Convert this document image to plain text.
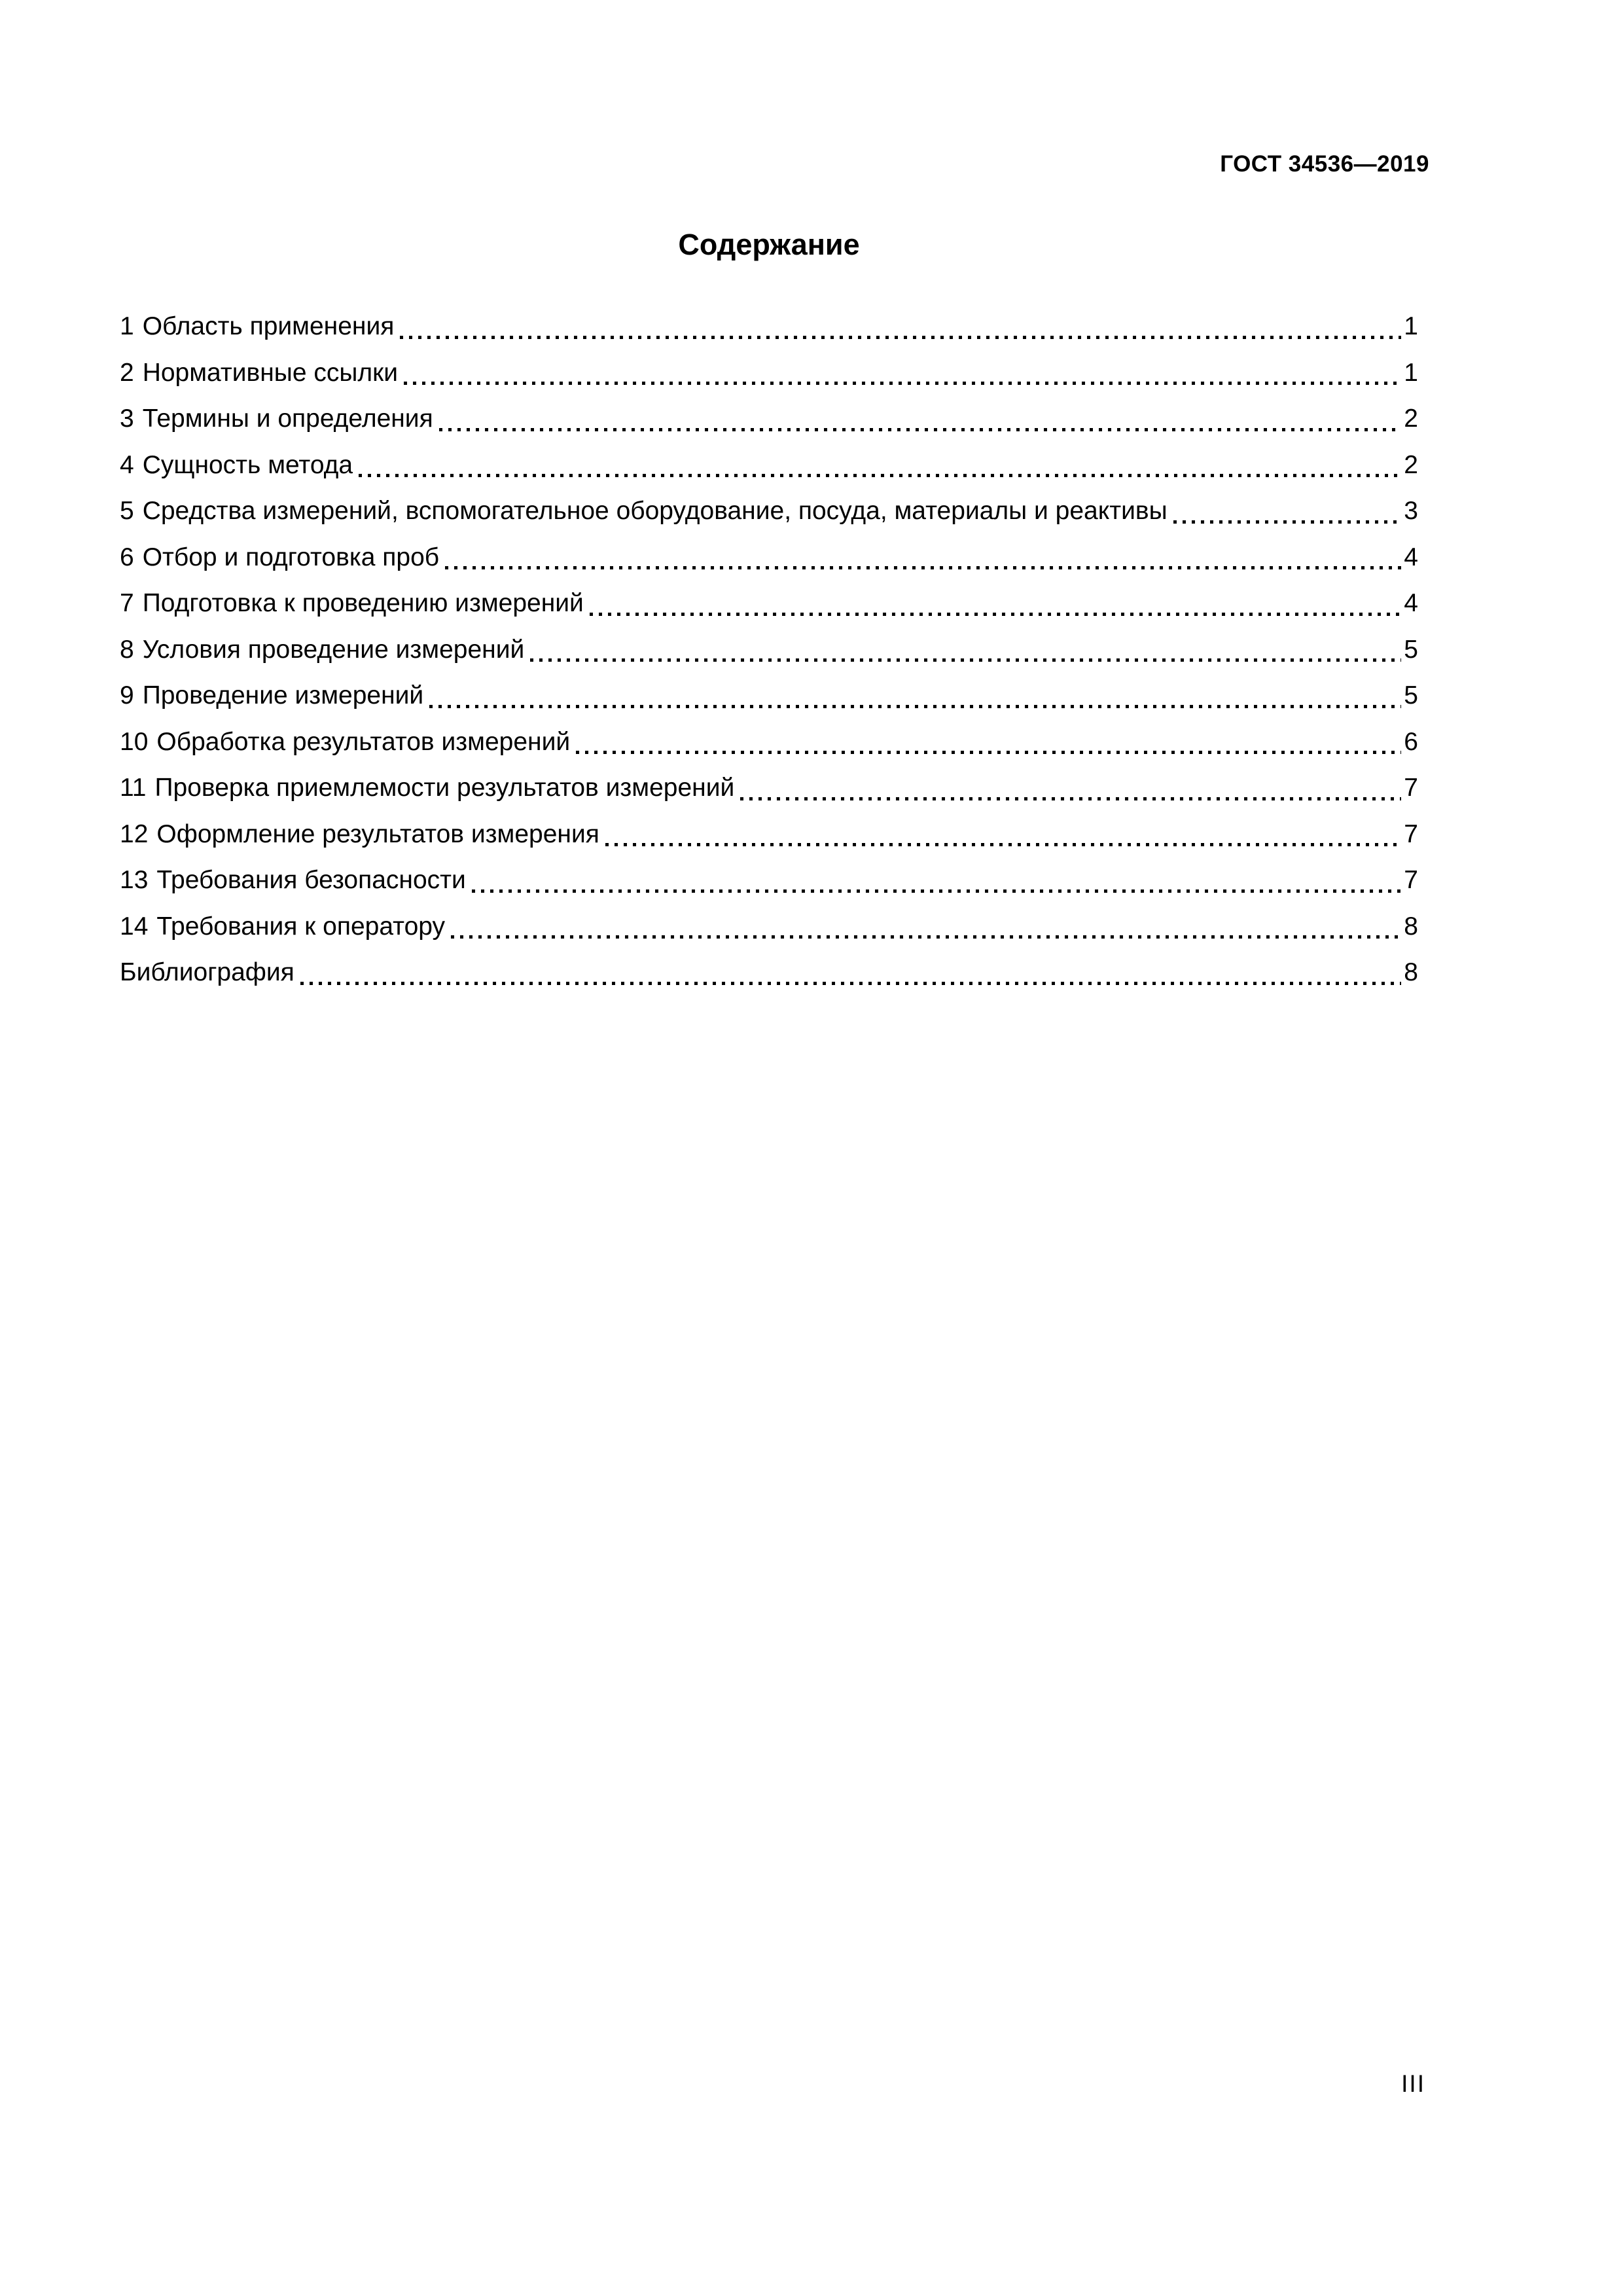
ГОСТ 34536—2019
Содержание
1 Область применения	1
2 Нормативные ссылки	1
3 Термины и определения	2
4 Сущность метода	2
5 Средства измерений, вспомогательное оборудование, посуда, материалы и реактивы	3
6 Отбор и подготовка проб	4
7 Подготовка к проведению измерений	4
8 Условия проведение измерений	5
9 Проведение измерений	5
10 Обработка результатов измерений	6
11 Проверка приемлемости результатов измерений	7
12 Оформление результатов измерения	7
13 Требования безопасности	7
14 Требования к оператору	8
Библиография	8
III
